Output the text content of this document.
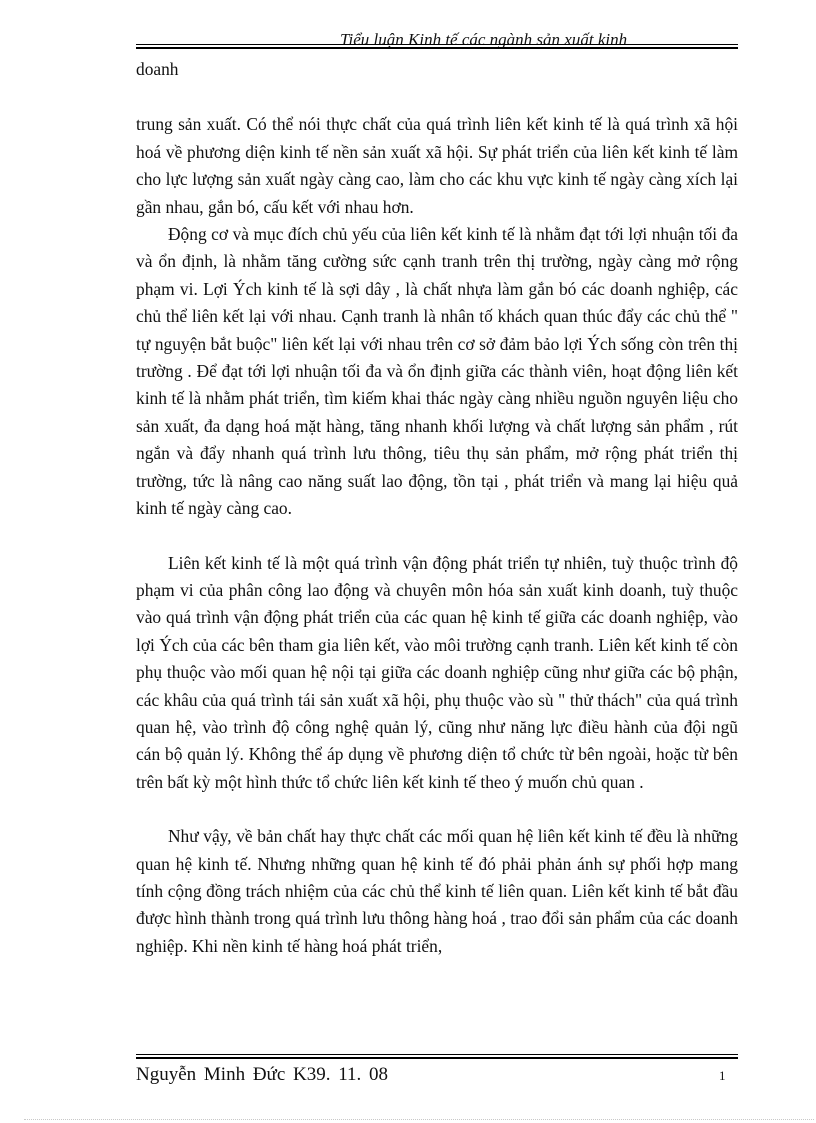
Tiểu luận Kinh tế các ngành sản xuất kinh

doanh

trung sản xuất. Có thể nói thực chất của quá trình liên kết kinh tế là quá trình xã hội hoá về phương diện kinh tế nền sản xuất xã hội. Sự phát triển của liên kết kinh tế làm cho lực lượng sản xuất ngày càng cao, làm cho các khu vực kinh tế ngày càng xích lại gần nhau, gắn bó, cấu kết với nhau hơn.

Động cơ và mục đích chủ yếu của liên kết kinh tế là nhằm đạt tới lợi nhuận tối đa và ổn định, là nhằm tăng cường sức cạnh tranh trên thị trường, ngày càng mở rộng phạm vi. Lợi Ých kinh tế là sợi dây , là chất nhựa làm gắn bó các doanh nghiệp, các chủ thể liên kết lại với nhau. Cạnh tranh là nhân tố khách quan thúc đẩy các chủ thể " tự nguyện bắt buộc" liên kết lại với nhau trên cơ sở đảm bảo lợi Ých sống còn trên thị trường . Để đạt tới lợi nhuận tối đa và ổn định giữa các thành viên, hoạt động liên kết kinh tế là nhằm phát triển, tìm kiếm khai thác ngày càng nhiều nguồn nguyên liệu cho sản xuất, đa dạng hoá mặt hàng, tăng nhanh khối lượng và chất lượng sản phẩm , rút ngắn và đẩy nhanh quá trình lưu thông, tiêu thụ sản phẩm, mở rộng phát triển thị trường, tức là nâng cao năng suất lao động, tồn tại , phát triển và mang lại hiệu quả kinh tế ngày càng cao.

Liên kết kinh tế là một quá trình vận động phát triển tự nhiên, tuỳ thuộc trình độ phạm vi của phân công lao động và chuyên môn hóa sản xuất kinh doanh, tuỳ thuộc vào quá trình vận động phát triển của các quan hệ kinh tế giữa các doanh nghiệp, vào lợi Ých của các bên tham gia liên kết, vào môi trường cạnh tranh. Liên kết kinh tế còn phụ thuộc vào mối quan hệ nội tại giữa các doanh nghiệp cũng như giữa các bộ phận, các khâu của quá trình tái sản xuất xã hội, phụ thuộc vào sù " thử thách" của quá trình quan hệ, vào trình độ công nghệ quản lý, cũng như năng lực điều hành của đội ngũ cán bộ quản lý. Không thể áp dụng về phương diện tổ chức từ bên ngoài, hoặc từ bên trên bất kỳ một hình thức tổ chức liên kết kinh tế theo ý muốn chủ quan .

Như vậy, về bản chất hay thực chất các mối quan hệ liên kết kinh tế đều là những quan hệ kinh tế. Nhưng những quan hệ kinh tế đó phải phản ánh sự phối hợp mang tính cộng đồng trách nhiệm của các chủ thể kinh tế liên quan. Liên kết kinh tế bắt đầu được hình thành trong quá trình lưu thông hàng hoá , trao đổi sản phẩm của các doanh nghiệp. Khi nền kinh tế hàng hoá phát triển,

Nguyễn Minh Đức K39. 11. 08	1
